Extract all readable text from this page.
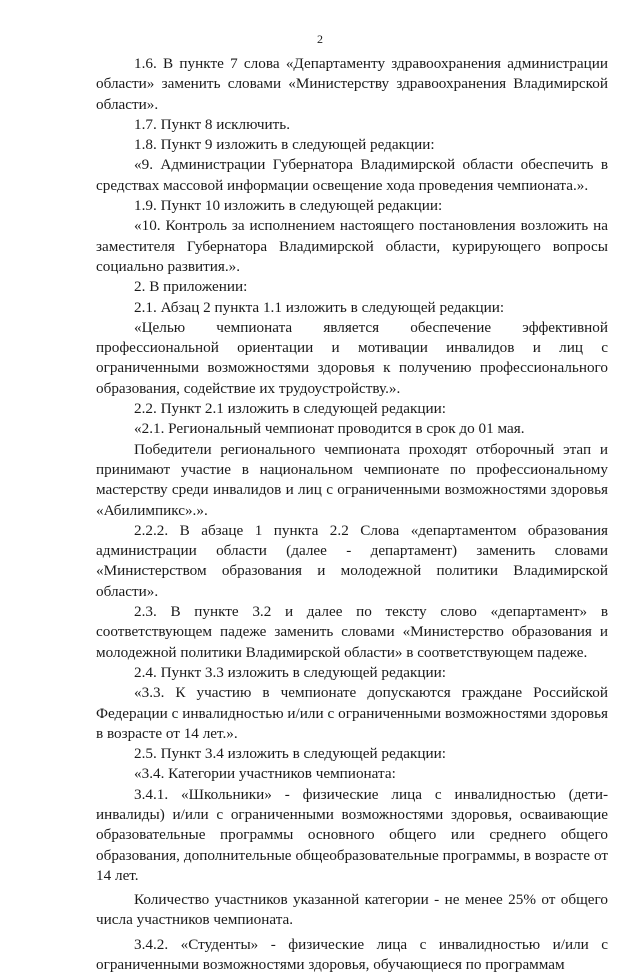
2

1.6. В пункте 7 слова «Департаменту здравоохранения администрации области» заменить словами «Министерству здравоохранения Владимирской области».

1.7. Пункт 8 исключить.

1.8. Пункт 9 изложить в следующей редакции:

«9. Администрации Губернатора Владимирской области обеспечить в средствах массовой информации освещение хода проведения чемпионата.».

1.9. Пункт 10 изложить в следующей редакции:

«10. Контроль за исполнением настоящего постановления возложить на заместителя Губернатора Владимирской области, курирующего вопросы социально развития.».

2. В приложении:

2.1. Абзац 2 пункта 1.1 изложить в следующей редакции:

«Целью чемпионата является обеспечение эффективной профессиональной ориентации и мотивации инвалидов и лиц с ограниченными возможностями здоровья к получению профессионального образования, содействие их трудоустройству.».

2.2. Пункт 2.1 изложить в следующей редакции:

«2.1. Региональный чемпионат проводится в срок до 01 мая.

Победители регионального чемпионата проходят отборочный этап и принимают участие в национальном чемпионате по профессиональному мастерству среди инвалидов и лиц с ограниченными возможностями здоровья «Абилимпикс».».

2.2.2. В абзаце 1 пункта 2.2 Слова «департаментом образования администрации области (далее - департамент) заменить словами «Министерством образования и молодежной политики Владимирской области».

2.3. В пункте 3.2 и далее по тексту слово «департамент» в соответствующем падеже заменить словами «Министерство образования и молодежной политики Владимирской области» в соответствующем падеже.

2.4. Пункт 3.3 изложить в следующей редакции:

«3.3. К участию в чемпионате допускаются граждане Российской Федерации с инвалидностью и/или с ограниченными возможностями здоровья в возрасте от 14 лет.».

2.5. Пункт 3.4 изложить в следующей редакции:

«3.4. Категории участников чемпионата:

3.4.1. «Школьники» - физические лица с инвалидностью (дети-инвалиды) и/или с ограниченными возможностями здоровья, осваивающие образовательные программы основного общего или среднего общего образования, дополнительные общеобразовательные программы, в возрасте от 14 лет.

Количество участников указанной категории - не менее 25% от общего числа участников чемпионата.

3.4.2. «Студенты» - физические лица с инвалидностью и/или с ограниченными возможностями здоровья, обучающиеся по программам
